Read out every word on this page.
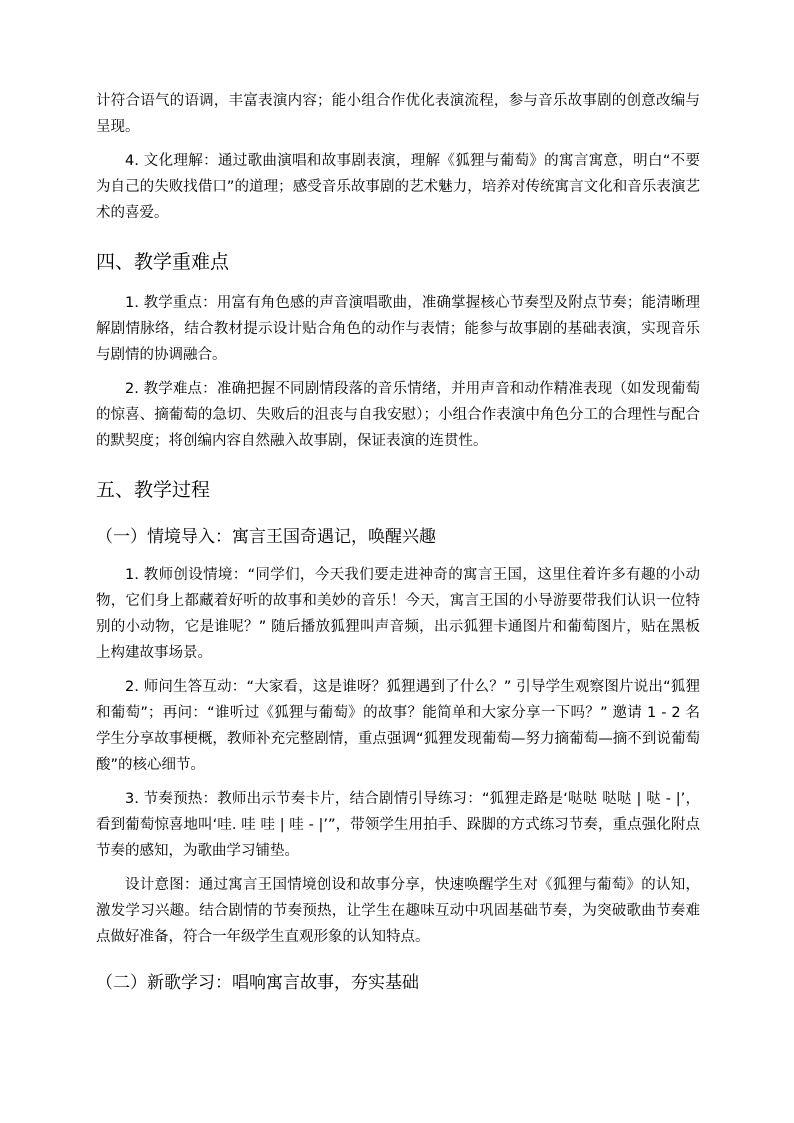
计符合语气的语调，丰富表演内容；能小组合作优化表演流程，参与音乐故事剧的创意改编与呈现。

4. 文化理解：通过歌曲演唱和故事剧表演，理解《狐狸与葡萄》的寓言寓意，明白“不要为自己的失败找借口”的道理；感受音乐故事剧的艺术魅力，培养对传统寓言文化和音乐表演艺术的喜爱。

四、教学重难点

1. 教学重点：用富有角色感的声音演唱歌曲，准确掌握核心节奏型及附点节奏；能清晰理解剧情脉络，结合教材提示设计贴合角色的动作与表情；能参与故事剧的基础表演，实现音乐与剧情的协调融合。

2. 教学难点：准确把握不同剧情段落的音乐情绪，并用声音和动作精准表现（如发现葡萄的惊喜、摘葡萄的急切、失败后的沮丧与自我安慰）；小组合作表演中角色分工的合理性与配合的默契度；将创编内容自然融入故事剧，保证表演的连贯性。

五、教学过程
（一）情境导入：寓言王国奇遇记，唤醒兴趣

1. 教师创设情境：“同学们，今天我们要走进神奇的寓言王国，这里住着许多有趣的小动物，它们身上都藏着好听的故事和美妙的音乐！今天，寓言王国的小导游要带我们认识一位特别的小动物，它是谁呢？” 随后播放狐狸叫声音频，出示狐狸卡通图片和葡萄图片，贴在黑板上构建故事场景。

2. 师问生答互动：“大家看，这是谁呀？狐狸遇到了什么？” 引导学生观察图片说出“狐狸和葡萄”；再问：“谁听过《狐狸与葡萄》的故事？能简单和大家分享一下吗？” 邀请 1 - 2 名学生分享故事梗概，教师补充完整剧情，重点强调“狐狸发现葡萄—努力摘葡萄—摘不到说葡萄酸”的核心细节。

3. 节奏预热：教师出示节奏卡片，结合剧情引导练习：“狐狸走路是‘哒哒 哒哒 | 哒 - |’，看到葡萄惊喜地叫‘哇. 哇 哇 | 哇 - |’”，带领学生用拍手、跺脚的方式练习节奏，重点强化附点节奏的感知，为歌曲学习铺垫。

设计意图：通过寓言王国情境创设和故事分享，快速唤醒学生对《狐狸与葡萄》的认知，激发学习兴趣。结合剧情的节奏预热，让学生在趣味互动中巩固基础节奏，为突破歌曲节奏难点做好准备，符合一年级学生直观形象的认知特点。

（二）新歌学习：唱响寓言故事，夯实基础
